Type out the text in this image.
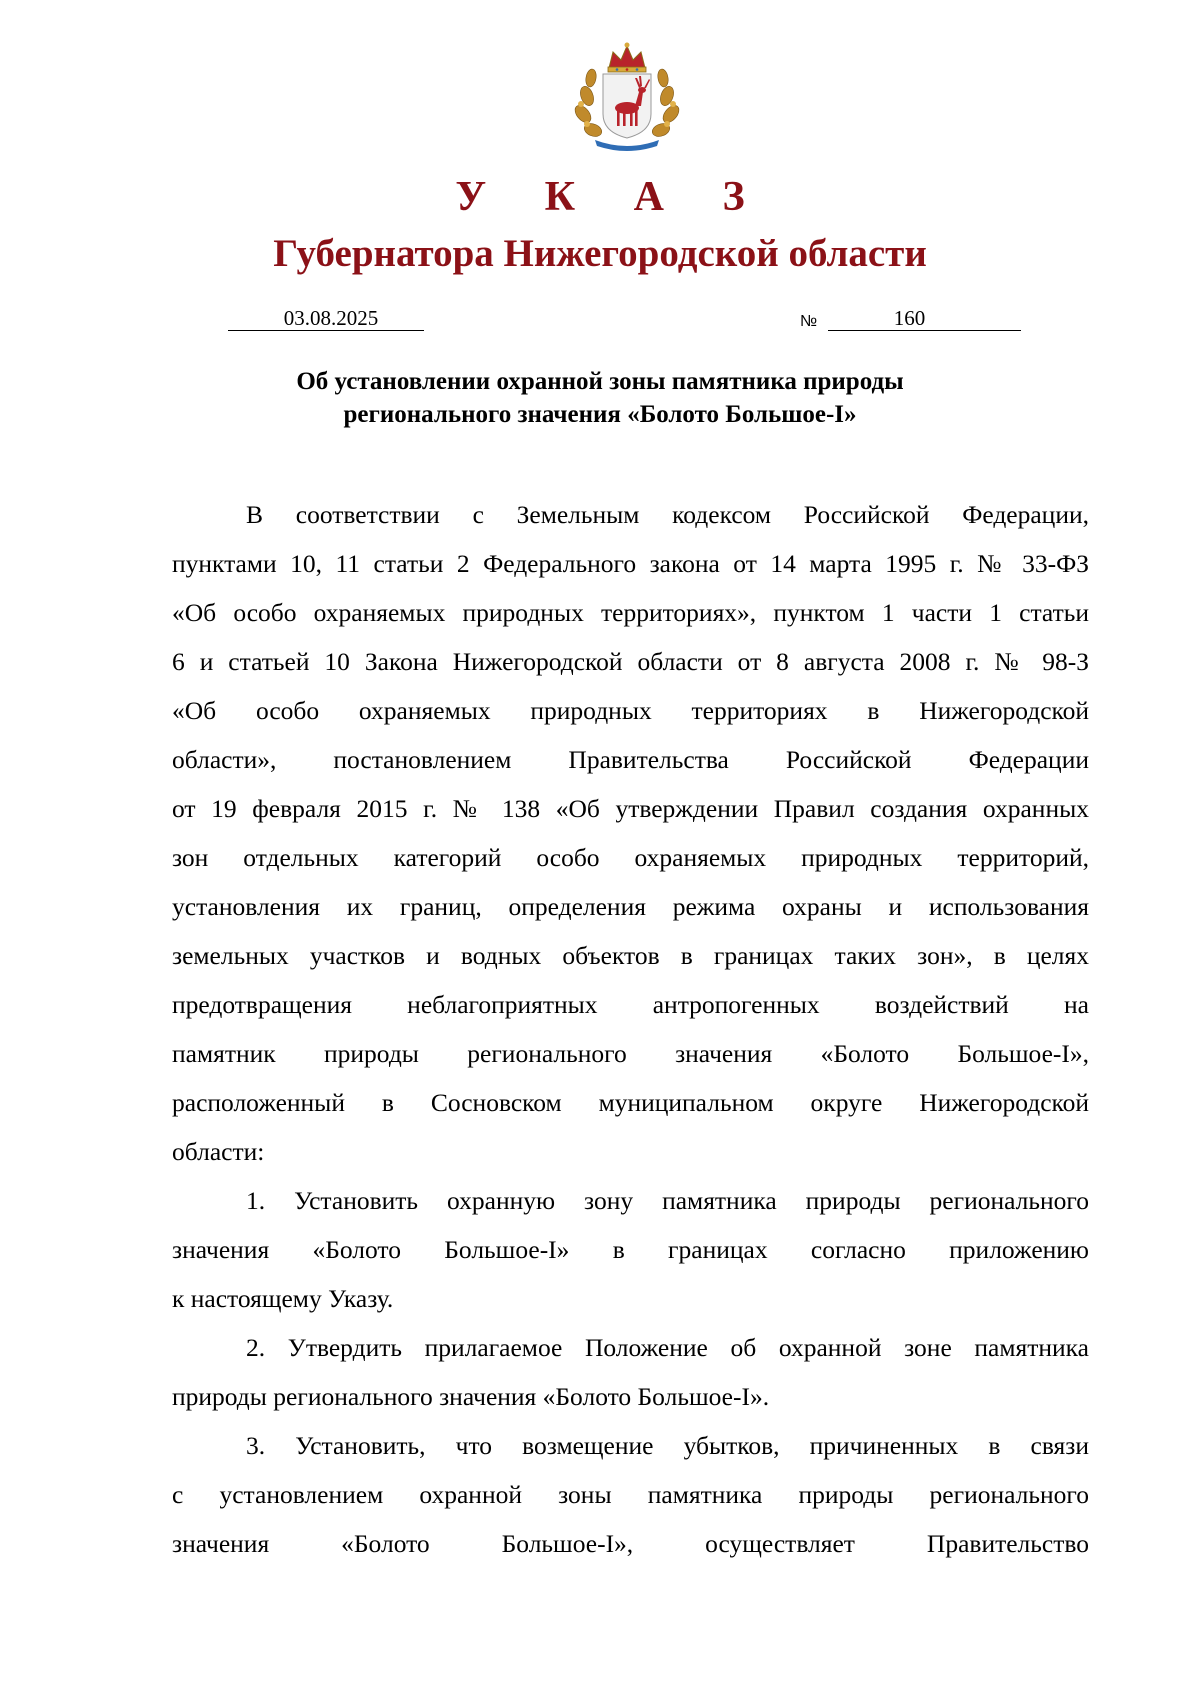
У К А З
Губернатора Нижегородской области
03.08.2025	№	160
Об установлении охранной зоны памятника природы
регионального значения «Болото Большое-I»
В соответствии с Земельным кодексом Российской Федерации,
пунктами 10, 11 статьи 2 Федерального закона от 14 марта 1995 г. № 33-ФЗ
«Об особо охраняемых природных территориях», пунктом 1 части 1 статьи
6 и статьей 10 Закона Нижегородской области от 8 августа 2008 г. № 98-З
«Об особо охраняемых природных территориях в Нижегородской
области», постановлением Правительства Российской Федерации
от 19 февраля 2015 г. № 138 «Об утверждении Правил создания охранных
зон отдельных категорий особо охраняемых природных территорий,
установления их границ, определения режима охраны и использования
земельных участков и водных объектов в границах таких зон», в целях
предотвращения неблагоприятных антропогенных воздействий на
памятник природы регионального значения «Болото Большое-I»,
расположенный в Сосновском муниципальном округе Нижегородской
области:
1. Установить охранную зону памятника природы регионального
значения «Болото Большое-I» в границах согласно приложению
к настоящему Указу.
2. Утвердить прилагаемое Положение об охранной зоне памятника
природы регионального значения «Болото Большое-I».
3. Установить, что возмещение убытков, причиненных в связи
с установлением охранной зоны памятника природы регионального
значения «Болото Большое-I», осуществляет Правительство
